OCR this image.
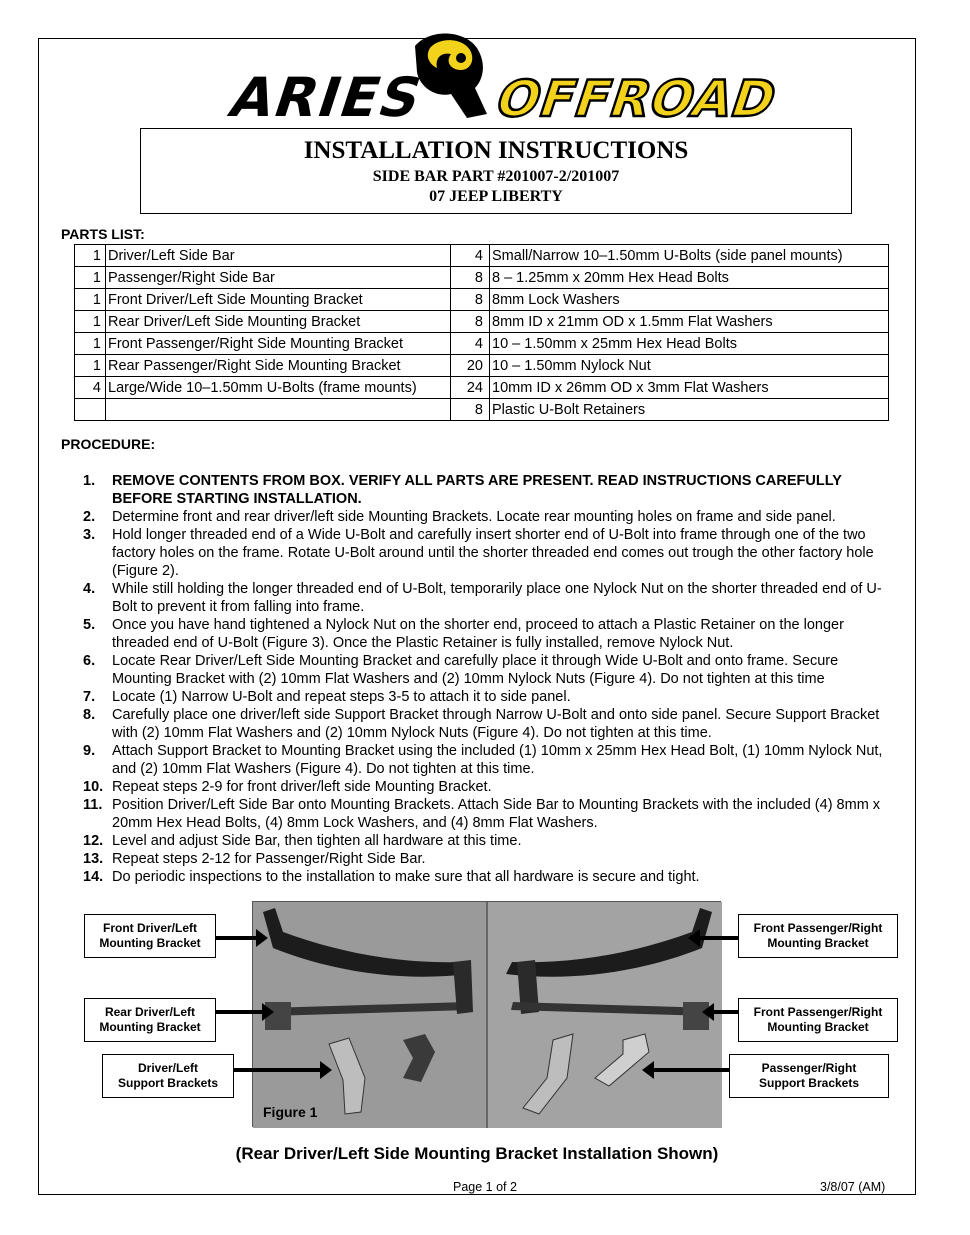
ARIES OFFROAD
INSTALLATION INSTRUCTIONS
SIDE BAR PART #201007-2/201007
07 JEEP LIBERTY
PARTS LIST:
1	Driver/Left Side Bar	4	Small/Narrow 10–1.50mm U-Bolts (side panel mounts)
1	Passenger/Right Side Bar	8	8 – 1.25mm x 20mm Hex Head Bolts
1	Front Driver/Left Side Mounting Bracket	8	8mm Lock Washers
1	Rear Driver/Left Side Mounting Bracket	8	8mm ID x 21mm OD x 1.5mm Flat Washers
1	Front Passenger/Right Side Mounting Bracket	4	10 – 1.50mm x 25mm Hex Head Bolts
1	Rear Passenger/Right Side Mounting Bracket	20	10 – 1.50mm Nylock Nut
4	Large/Wide 10–1.50mm U-Bolts (frame mounts)	24	10mm ID x 26mm OD x 3mm Flat Washers
		8	Plastic U-Bolt Retainers
PROCEDURE:
1.	REMOVE CONTENTS FROM BOX. VERIFY ALL PARTS ARE PRESENT. READ INSTRUCTIONS CAREFULLY BEFORE STARTING INSTALLATION.
2.	Determine front and rear driver/left side Mounting Brackets. Locate rear mounting holes on frame and side panel.
3.	Hold longer threaded end of a Wide U-Bolt and carefully insert shorter end of U-Bolt into frame through one of the two factory holes on the frame. Rotate U-Bolt around until the shorter threaded end comes out trough the other factory hole (Figure 2).
4.	While still holding the longer threaded end of U-Bolt, temporarily place one Nylock Nut on the shorter threaded end of U-Bolt to prevent it from falling into frame.
5.	Once you have hand tightened a Nylock Nut on the shorter end, proceed to attach a Plastic Retainer on the longer threaded end of U-Bolt (Figure 3). Once the Plastic Retainer is fully installed, remove Nylock Nut.
6.	Locate Rear Driver/Left Side Mounting Bracket and carefully place it through Wide U-Bolt and onto frame. Secure Mounting Bracket with (2) 10mm Flat Washers and (2) 10mm Nylock Nuts (Figure 4). Do not tighten at this time
7.	Locate (1) Narrow U-Bolt and repeat steps 3-5 to attach it to side panel.
8.	Carefully place one driver/left side Support Bracket through Narrow U-Bolt and onto side panel. Secure Support Bracket with (2) 10mm Flat Washers and (2) 10mm Nylock Nuts (Figure 4). Do not tighten at this time.
9.	Attach Support Bracket to Mounting Bracket using the included (1) 10mm x 25mm Hex Head Bolt, (1) 10mm Nylock Nut, and (2) 10mm Flat Washers (Figure 4). Do not tighten at this time.
10. Repeat steps 2-9 for front driver/left side Mounting Bracket.
11. Position Driver/Left Side Bar onto Mounting Brackets. Attach Side Bar to Mounting Brackets with the included (4) 8mm x 20mm Hex Head Bolts, (4) 8mm Lock Washers, and (4) 8mm Flat Washers.
12. Level and adjust Side Bar, then tighten all hardware at this time.
13. Repeat steps 2-12 for Passenger/Right Side Bar.
14. Do periodic inspections to the installation to make sure that all hardware is secure and tight.
Figure 1
Front Driver/Left
Mounting Bracket
Rear Driver/Left
Mounting Bracket
Driver/Left
Support Brackets
Front Passenger/Right
Mounting Bracket
Front Passenger/Right
Mounting Bracket
Passenger/Right
Support Brackets
(Rear Driver/Left Side Mounting Bracket Installation Shown)
Page 1 of 2	3/8/07 (AM)
